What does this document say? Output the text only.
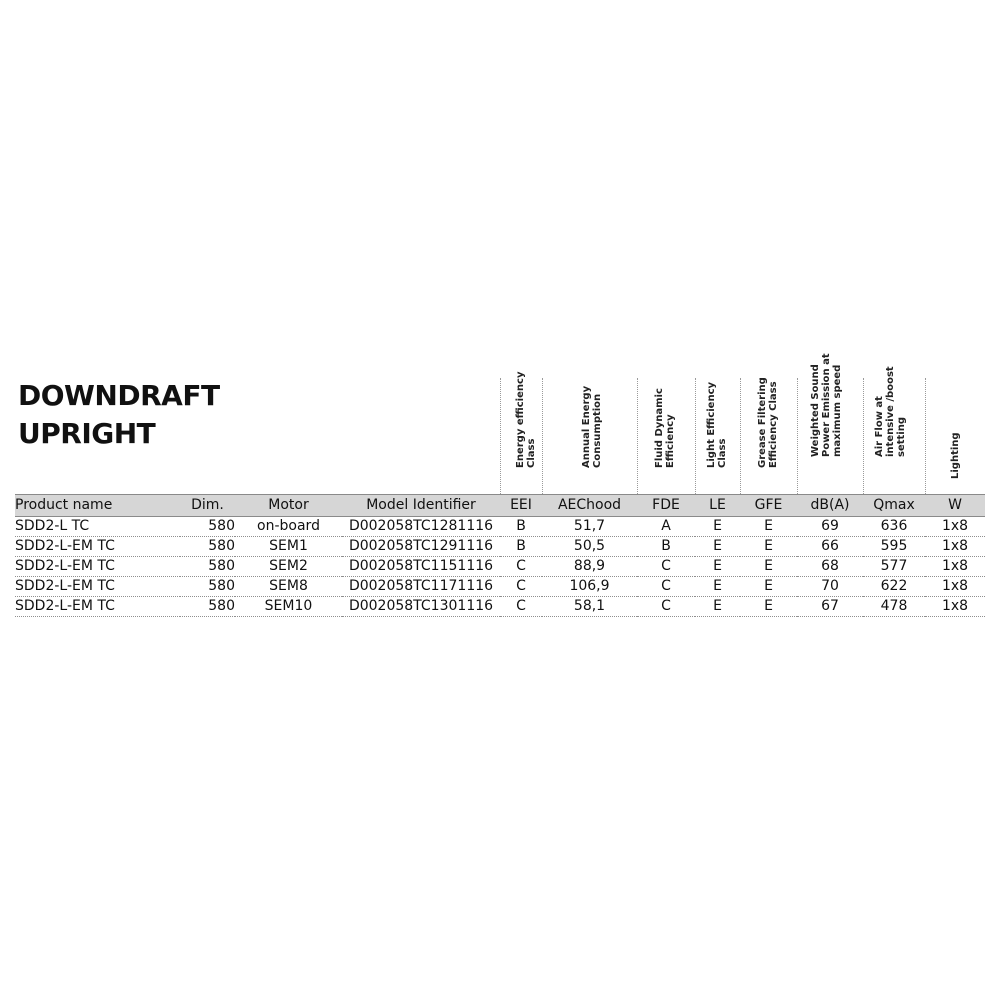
DOWNDRAFT
UPRIGHT

				Energy efficiency Class	Annual Energy Consumption	Fluid Dynamic Efficiency	Light Efficiency Class	Grease Filtering Efficiency Class	Weighted Sound Power Emission at maximum speed	Air Flow at intensive /boost setting	Lighting

Product name	Dim.	Motor	Model Identifier	EEI	AEChood	FDE	LE	GFE	dB(A)	Qmax	W
SDD2-L TC	580	on-board	D002058TC1281116	B	51,7	A	E	E	69	636	1x8
SDD2-L-EM TC	580	SEM1	D002058TC1291116	B	50,5	B	E	E	66	595	1x8
SDD2-L-EM TC	580	SEM2	D002058TC1151116	C	88,9	C	E	E	68	577	1x8
SDD2-L-EM TC	580	SEM8	D002058TC1171116	C	106,9	C	E	E	70	622	1x8
SDD2-L-EM TC	580	SEM10	D002058TC1301116	C	58,1	C	E	E	67	478	1x8
